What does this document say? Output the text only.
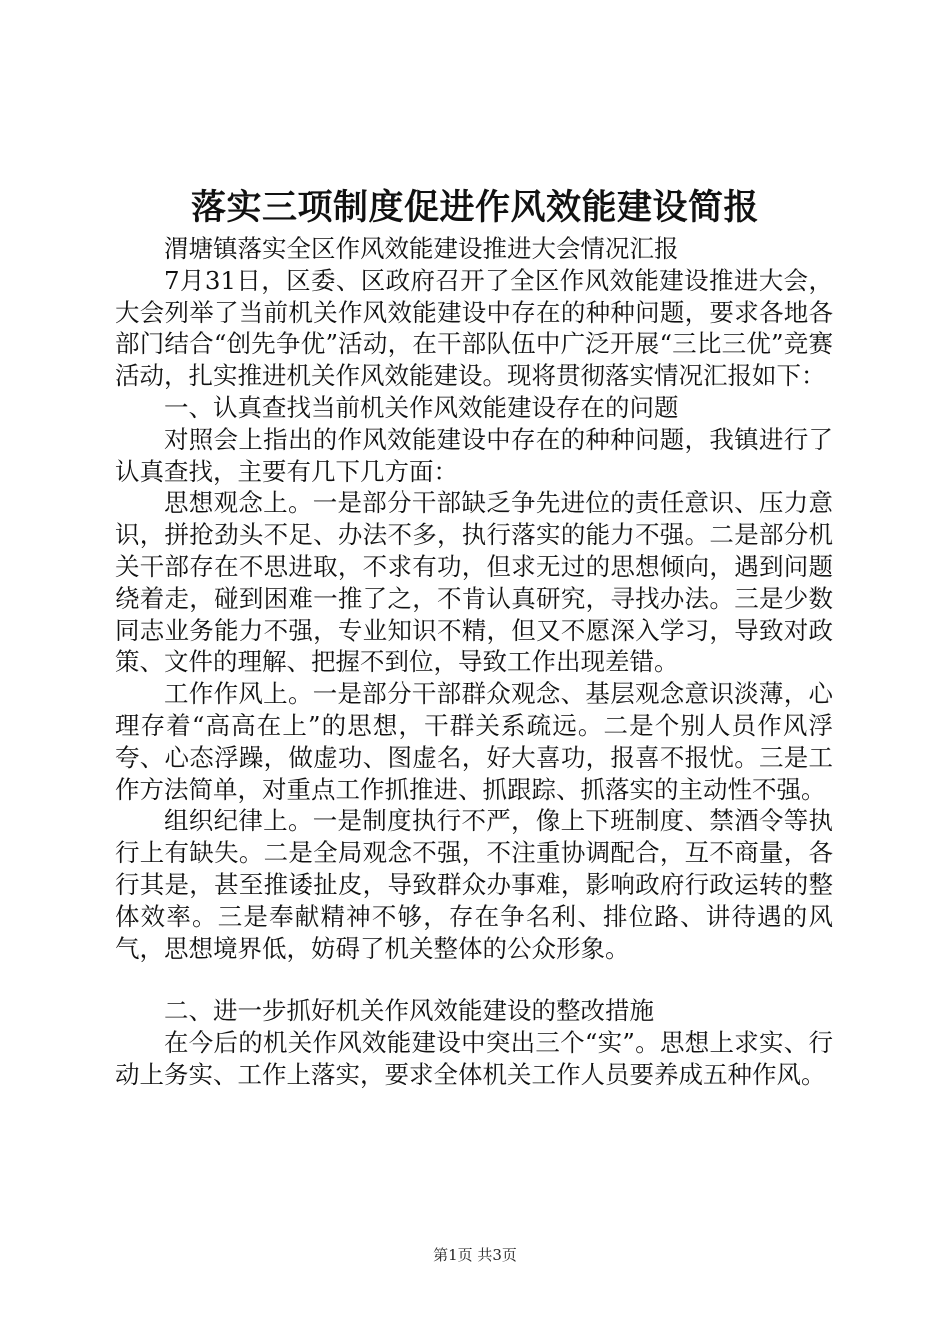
落实三项制度促进作风效能建设简报

渭塘镇落实全区作风效能建设推进大会情况汇报

7月31日，区委、区政府召开了全区作风效能建设推进大会，大会列举了当前机关作风效能建设中存在的种种问题，要求各地各部门结合“创先争优”活动，在干部队伍中广泛开展“三比三优”竞赛活动，扎实推进机关作风效能建设。现将贯彻落实情况汇报如下：

一、认真查找当前机关作风效能建设存在的问题

对照会上指出的作风效能建设中存在的种种问题，我镇进行了认真查找，主要有几下几方面：

思想观念上。一是部分干部缺乏争先进位的责任意识、压力意识，拼抢劲头不足、办法不多，执行落实的能力不强。二是部分机关干部存在不思进取，不求有功，但求无过的思想倾向，遇到问题绕着走，碰到困难一推了之，不肯认真研究，寻找办法。三是少数同志业务能力不强，专业知识不精，但又不愿深入学习，导致对政策、文件的理解、把握不到位，导致工作出现差错。

工作作风上。一是部分干部群众观念、基层观念意识淡薄，心理存着“高高在上”的思想，干群关系疏远。二是个别人员作风浮夸、心态浮躁，做虚功、图虚名，好大喜功，报喜不报忧。三是工作方法简单，对重点工作抓推进、抓跟踪、抓落实的主动性不强。

组织纪律上。一是制度执行不严，像上下班制度、禁酒令等执行上有缺失。二是全局观念不强，不注重协调配合，互不商量，各行其是，甚至推诿扯皮，导致群众办事难，影响政府行政运转的整体效率。三是奉献精神不够，存在争名利、排位路、讲待遇的风气，思想境界低，妨碍了机关整体的公众形象。

二、进一步抓好机关作风效能建设的整改措施

在今后的机关作风效能建设中突出三个“实”。思想上求实、行动上务实、工作上落实，要求全体机关工作人员要养成五种作风。

第1页 共3页
